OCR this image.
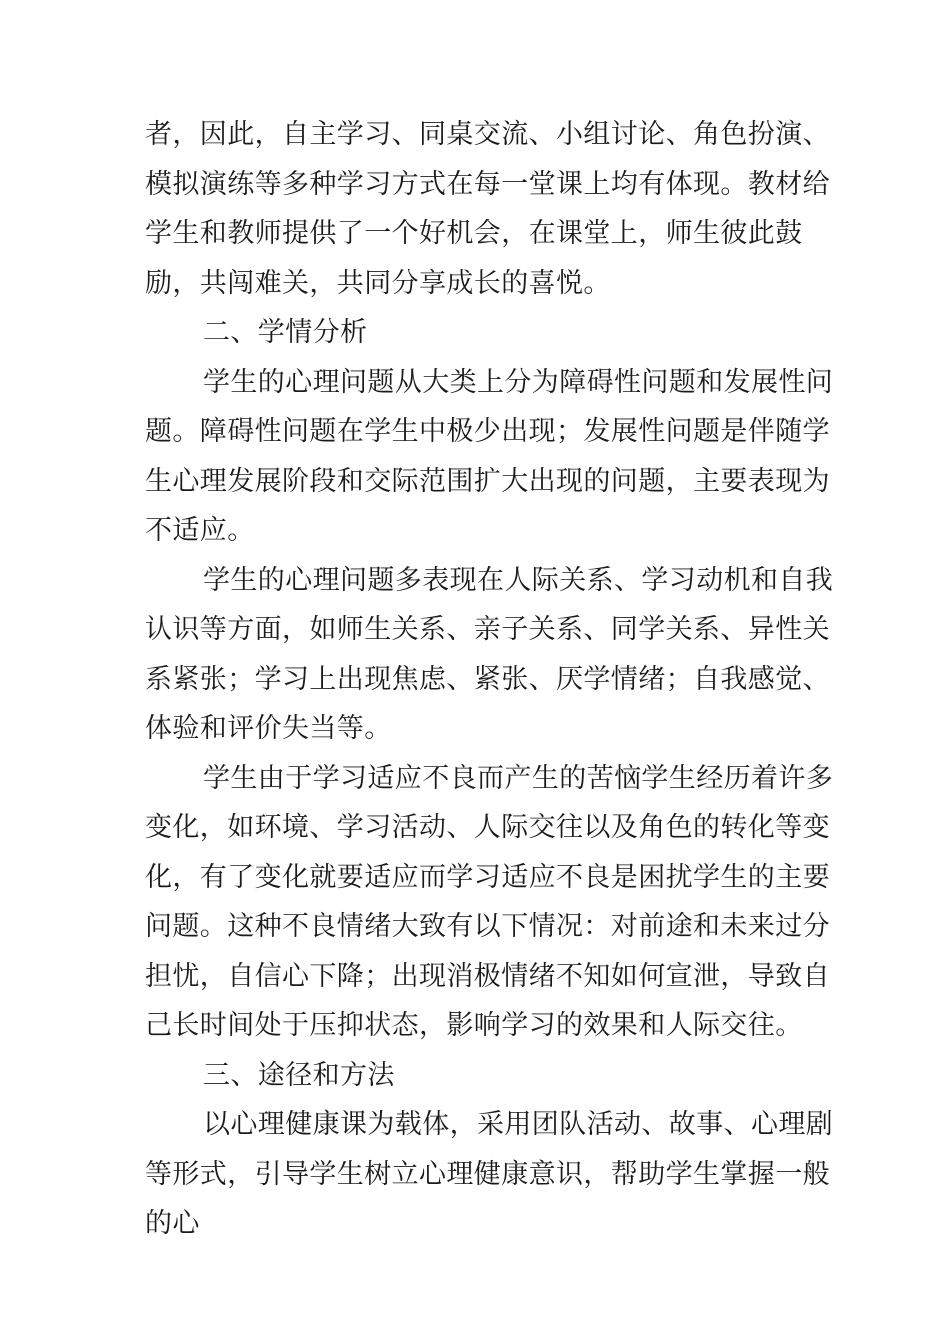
者，因此，自主学习、同桌交流、小组讨论、角色扮演、模拟演练等多种学习方式在每一堂课上均有体现。教材给学生和教师提供了一个好机会，在课堂上，师生彼此鼓励，共闯难关，共同分享成长的喜悦。

二、学情分析

学生的心理问题从大类上分为障碍性问题和发展性问题。障碍性问题在学生中极少出现；发展性问题是伴随学生心理发展阶段和交际范围扩大出现的问题，主要表现为不适应。

学生的心理问题多表现在人际关系、学习动机和自我认识等方面，如师生关系、亲子关系、同学关系、异性关系紧张；学习上出现焦虑、紧张、厌学情绪；自我感觉、体验和评价失当等。

学生由于学习适应不良而产生的苦恼学生经历着许多变化，如环境、学习活动、人际交往以及角色的转化等变化，有了变化就要适应而学习适应不良是困扰学生的主要问题。这种不良情绪大致有以下情况：对前途和未来过分担忧，自信心下降；出现消极情绪不知如何宣泄，导致自己长时间处于压抑状态，影响学习的效果和人际交往。

三、途径和方法

以心理健康课为载体，采用团队活动、故事、心理剧等形式，引导学生树立心理健康意识，帮助学生掌握一般的心
